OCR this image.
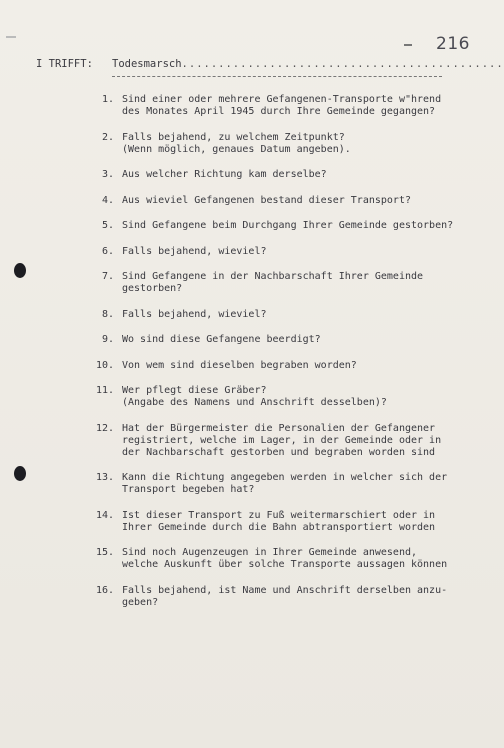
216
I TRIFFT: Todesmarsch............................................
1. Sind einer oder mehrere Gefangenen-Transporte w"hrend
des Monates April 1945 durch Ihre Gemeinde gegangen?
2. Falls bejahend, zu welchem Zeitpunkt?
(Wenn möglich, genaues Datum angeben).
3. Aus welcher Richtung kam derselbe?
4. Aus wieviel Gefangenen bestand dieser Transport?
5. Sind Gefangene beim Durchgang Ihrer Gemeinde gestorben?
6. Falls bejahend, wieviel?
7. Sind Gefangene in der Nachbarschaft Ihrer Gemeinde
gestorben?
8. Falls bejahend, wieviel?
9. Wo sind diese Gefangene beerdigt?
10. Von wem sind dieselben begraben worden?
11. Wer pflegt diese Gräber?
(Angabe des Namens und Anschrift desselben)?
12. Hat der Bürgermeister die Personalien der Gefangener
registriert, welche im Lager, in der Gemeinde oder in
der Nachbarschaft gestorben und begraben worden sind
13. Kann die Richtung angegeben werden in welcher sich der
Transport begeben hat?
14. Ist dieser Transport zu Fuß weitermarschiert oder in
Ihrer Gemeinde durch die Bahn abtransportiert worden
15. Sind noch Augenzeugen in Ihrer Gemeinde anwesend,
welche Auskunft über solche Transporte aussagen können
16. Falls bejahend, ist Name und Anschrift derselben anzu-
geben?
